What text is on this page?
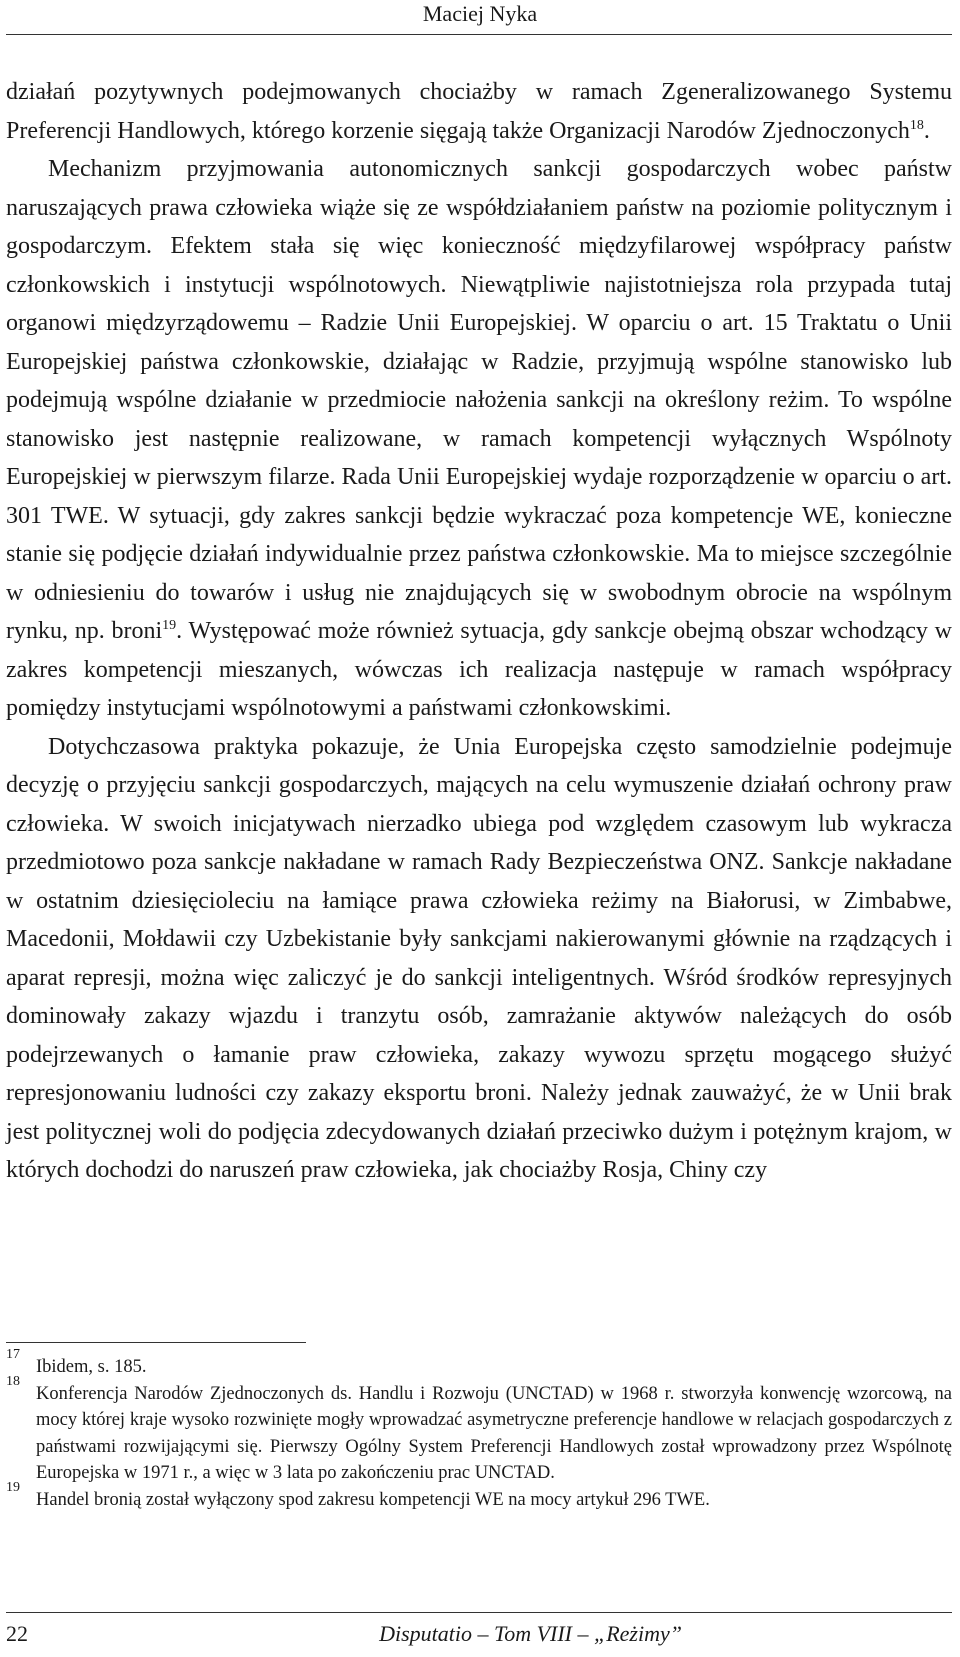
Maciej Nyka

działań pozytywnych podejmowanych chociażby w ramach Zgeneralizowanego Systemu Preferencji Handlowych, którego korzenie sięgają także Organizacji Narodów Zjednoczonych$^{18}$.

Mechanizm przyjmowania autonomicznych sankcji gospodarczych wobec państw naruszających prawa człowieka wiąże się ze współdziałaniem państw na poziomie politycznym i gospodarczym. Efektem stała się więc konieczność międzyfilarowej współpracy państw członkowskich i instytucji wspólnotowych. Niewątpliwie najistotniejsza rola przypada tutaj organowi międzyrządowemu – Radzie Unii Europejskiej. W oparciu o art. 15 Traktatu o Unii Europejskiej państwa członkowskie, działając w Radzie, przyjmują wspólne stanowisko lub podejmują wspólne działanie w przedmiocie nałożenia sankcji na określony reżim. To wspólne stanowisko jest następnie realizowane, w ramach kompetencji wyłącznych Wspólnoty Europejskiej w pierwszym filarze. Rada Unii Europejskiej wydaje rozporządzenie w oparciu o art. 301 TWE. W sytuacji, gdy zakres sankcji będzie wykraczać poza kompetencje WE, konieczne stanie się podjęcie działań indywidualnie przez państwa członkowskie. Ma to miejsce szczególnie w odniesieniu do towarów i usług nie znajdujących się w swobodnym obrocie na wspólnym rynku, np. broni$^{19}$. Występować może również sytuacja, gdy sankcje obejmą obszar wchodzący w zakres kompetencji mieszanych, wówczas ich realizacja następuje w ramach współpracy pomiędzy instytucjami wspólnotowymi a państwami członkowskimi.

Dotychczasowa praktyka pokazuje, że Unia Europejska często samodzielnie podejmuje decyzję o przyjęciu sankcji gospodarczych, mających na celu wymuszenie działań ochrony praw człowieka. W swoich inicjatywach nierzadko ubiega pod względem czasowym lub wykracza przedmiotowo poza sankcje nakładane w ramach Rady Bezpieczeństwa ONZ. Sankcje nakładane w ostatnim dziesięcioleciu na łamiące prawa człowieka reżimy na Białorusi, w Zimbabwe, Macedonii, Mołdawii czy Uzbekistanie były sankcjami nakierowanymi głównie na rządzących i aparat represji, można więc zaliczyć je do sankcji inteligentnych. Wśród środków represyjnych dominowały zakazy wjazdu i tranzytu osób, zamrażanie aktywów należących do osób podejrzewanych o łamanie praw człowieka, zakazy wywozu sprzętu mogącego służyć represjonowaniu ludności czy zakazy eksportu broni. Należy jednak zauważyć, że w Unii brak jest politycznej woli do podjęcia zdecydowanych działań przeciwko dużym i potężnym krajom, w których dochodzi do naruszeń praw człowieka, jak chociażby Rosja, Chiny czy

17
Ibidem, s. 185.
18
Konferencja Narodów Zjednoczonych ds. Handlu i Rozwoju (UNCTAD) w 1968 r. stworzyła konwencję wzorcową, na mocy której kraje wysoko rozwinięte mogły wprowadzać asymetryczne preferencje handlowe w relacjach gospodarczych z państwami rozwijającymi się. Pierwszy Ogólny System Preferencji Handlowych został wprowadzony przez Wspólnotę Europejska w 1971 r., a więc w 3 lata po zakończeniu prac UNCTAD.
19
Handel bronią został wyłączony spod zakresu kompetencji WE na mocy artykuł 296 TWE.
22	Disputatio – Tom VIII – „Reżimy”
